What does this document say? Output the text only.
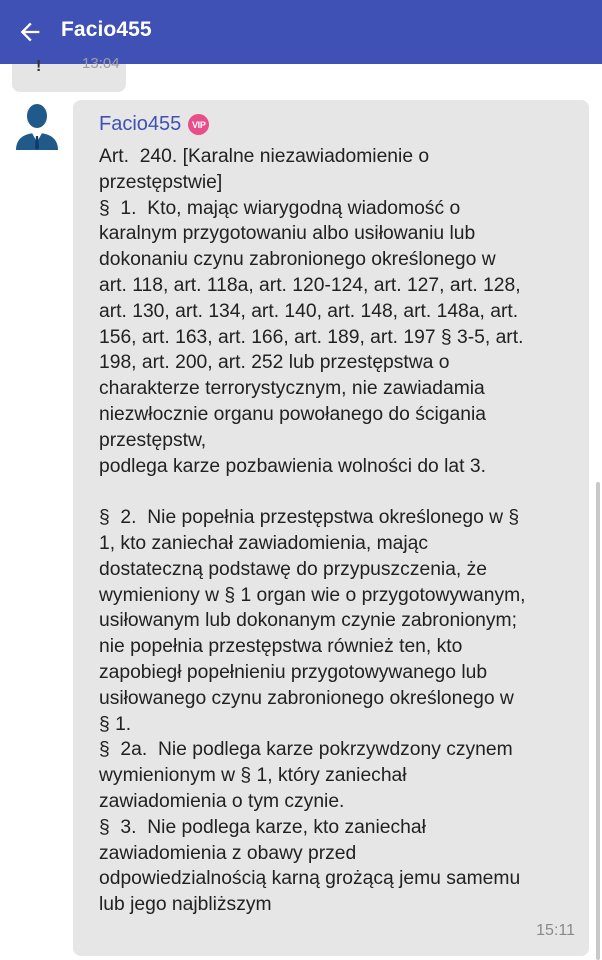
Facio455
!	13:04
Facio455	VIP
Art.  240. [Karalne niezawiadomienie o
przestępstwie]
§  1.  Kto, mając wiarygodną wiadomość o
karalnym przygotowaniu albo usiłowaniu lub
dokonaniu czynu zabronionego określonego w
art. 118, art. 118a, art. 120-124, art. 127, art. 128,
art. 130, art. 134, art. 140, art. 148, art. 148a, art.
156, art. 163, art. 166, art. 189, art. 197 § 3-5, art.
198, art. 200, art. 252 lub przestępstwa o
charakterze terrorystycznym, nie zawiadamia
niezwłocznie organu powołanego do ścigania
przestępstw,
podlega karze pozbawienia wolności do lat 3.
§  2.  Nie popełnia przestępstwa określonego w §
1, kto zaniechał zawiadomienia, mając
dostateczną podstawę do przypuszczenia, że
wymieniony w § 1 organ wie o przygotowywanym,
usiłowanym lub dokonanym czynie zabronionym;
nie popełnia przestępstwa również ten, kto
zapobiegł popełnieniu przygotowywanego lub
usiłowanego czynu zabronionego określonego w
§ 1.
§  2a.  Nie podlega karze pokrzywdzony czynem
wymienionym w § 1, który zaniechał
zawiadomienia o tym czynie.
§  3.  Nie podlega karze, kto zaniechał
zawiadomienia z obawy przed
odpowiedzialnością karną grożącą jemu samemu
lub jego najbliższym
15:11
